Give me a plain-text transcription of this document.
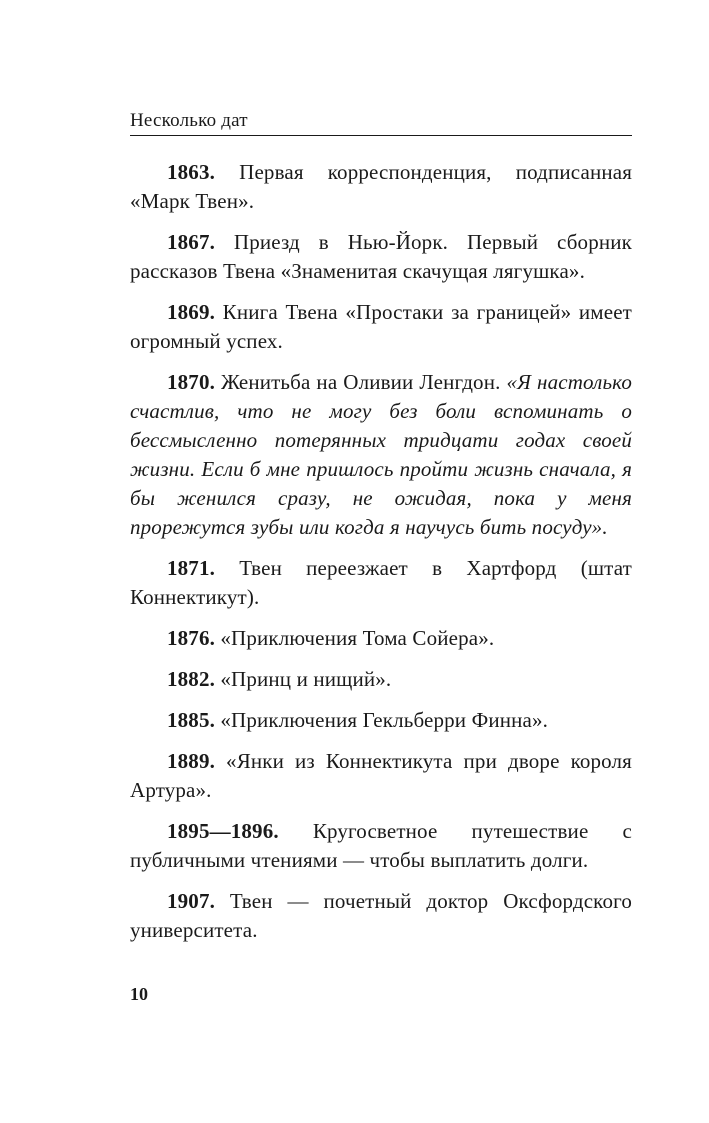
Несколько дат

1863. Первая корреспонденция, подписанная «Марк Твен».

1867. Приезд в Нью-Йорк. Первый сборник рассказов Твена «Знаменитая скачущая лягушка».

1869. Книга Твена «Простаки за границей» имеет огромный успех.

1870. Женитьба на Оливии Ленгдон. «Я настолько счастлив, что не могу без боли вспоминать о бессмысленно потерянных тридцати годах своей жизни. Если б мне пришлось пройти жизнь сначала, я бы женился сразу, не ожидая, пока у меня прорежутся зубы или когда я научусь бить посуду».

1871. Твен переезжает в Хартфорд (штат Коннектикут).

1876. «Приключения Тома Сойера».

1882. «Принц и нищий».

1885. «Приключения Гекльберри Финна».

1889. «Янки из Коннектикута при дворе короля Артура».

1895—1896. Кругосветное путешествие с публичными чтениями — чтобы выплатить долги.

1907. Твен — почетный доктор Оксфордского университета.

10
